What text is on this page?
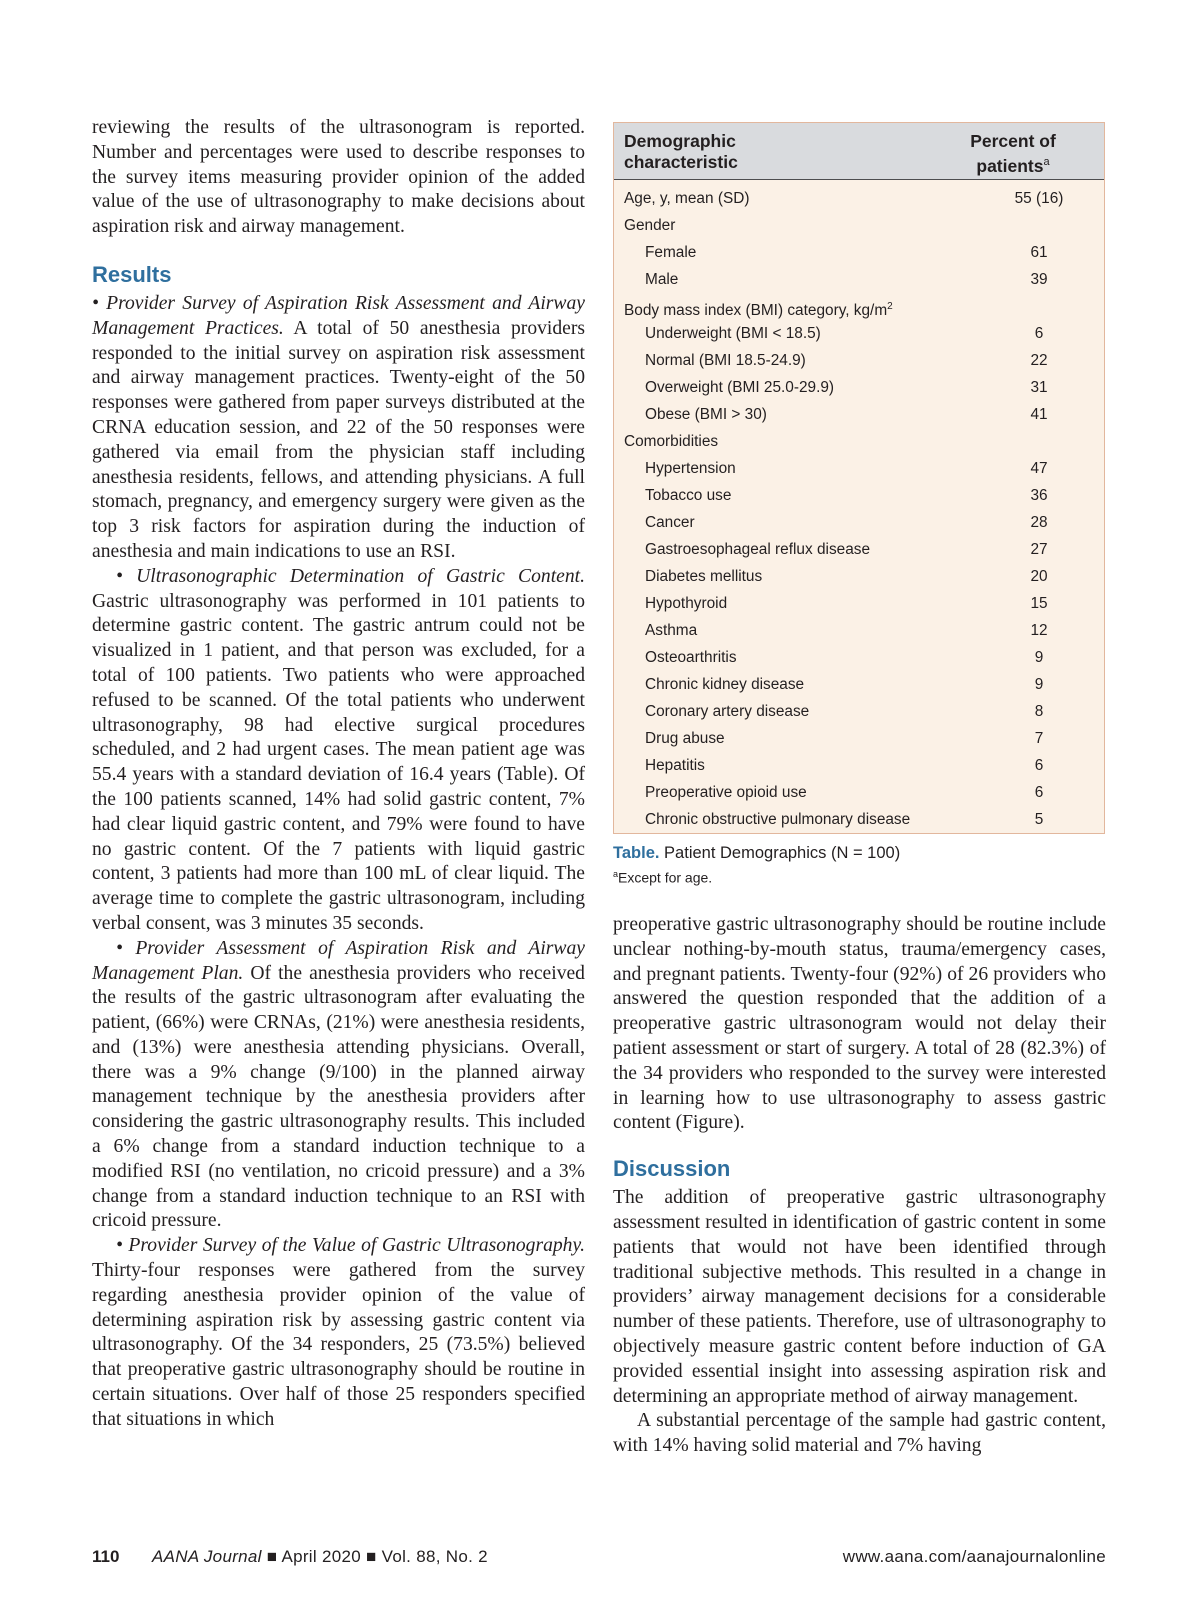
reviewing the results of the ultrasonogram is reported. Number and percentages were used to describe responses to the survey items measuring provider opinion of the added value of the use of ultrasonography to make decisions about aspiration risk and airway management.

Results

• Provider Survey of Aspiration Risk Assessment and Airway Management Practices. A total of 50 anesthesia providers responded to the initial survey on aspiration risk assessment and airway management practices. Twenty-eight of the 50 responses were gathered from paper surveys distributed at the CRNA education session, and 22 of the 50 responses were gathered via email from the physician staff including anesthesia residents, fellows, and attending physicians. A full stomach, pregnancy, and emergency surgery were given as the top 3 risk factors for aspiration during the induction of anesthesia and main indications to use an RSI.

• Ultrasonographic Determination of Gastric Content. Gastric ultrasonography was performed in 101 patients to determine gastric content. The gastric antrum could not be visualized in 1 patient, and that person was excluded, for a total of 100 patients. Two patients who were approached refused to be scanned. Of the total patients who underwent ultrasonography, 98 had elective surgical procedures scheduled, and 2 had urgent cases. The mean patient age was 55.4 years with a standard deviation of 16.4 years (Table). Of the 100 patients scanned, 14% had solid gastric content, 7% had clear liquid gastric content, and 79% were found to have no gastric content. Of the 7 patients with liquid gastric content, 3 patients had more than 100 mL of clear liquid. The average time to complete the gastric ultrasonogram, including verbal consent, was 3 minutes 35 seconds.

• Provider Assessment of Aspiration Risk and Airway Management Plan. Of the anesthesia providers who received the results of the gastric ultrasonogram after evaluating the patient, (66%) were CRNAs, (21%) were anesthesia residents, and (13%) were anesthesia attending physicians. Overall, there was a 9% change (9/100) in the planned airway management technique by the anesthesia providers after considering the gastric ultrasonography results. This included a 6% change from a standard induction technique to a modified RSI (no ventilation, no cricoid pressure) and a 3% change from a standard induction technique to an RSI with cricoid pressure.

• Provider Survey of the Value of Gastric Ultrasonography. Thirty-four responses were gathered from the survey regarding anesthesia provider opinion of the value of determining aspiration risk by assessing gastric content via ultrasonography. Of the 34 responders, 25 (73.5%) believed that preoperative gastric ultrasonography should be routine in certain situations. Over half of those 25 responders specified that situations in which

Demographic characteristic
Percent of patients$^a$
Age, y, mean (SD)	55 (16)
Gender
Female	61
Male	39
Body mass index (BMI) category, $kg/m^2$
Underweight (BMI < 18.5)	6
Normal (BMI 18.5-24.9)	22
Overweight (BMI 25.0-29.9)	31
Obese (BMI > 30)	41
Comorbidities
Hypertension	47
Tobacco use	36
Cancer	28
Gastroesophageal reflux disease	27
Diabetes mellitus	20
Hypothyroid	15
Asthma	12
Osteoarthritis	9
Chronic kidney disease	9
Coronary artery disease	8
Drug abuse	7
Hepatitis	6
Preoperative opioid use	6
Chronic obstructive pulmonary disease	5
Table. Patient Demographics (N = 100)
$^a$Except for age.

preoperative gastric ultrasonography should be routine include unclear nothing-by-mouth status, trauma/emergency cases, and pregnant patients. Twenty-four (92%) of 26 providers who answered the question responded that the addition of a preoperative gastric ultrasonogram would not delay their patient assessment or start of surgery. A total of 28 (82.3%) of the 34 providers who responded to the survey were interested in learning how to use ultrasonography to assess gastric content (Figure).

Discussion

The addition of preoperative gastric ultrasonography assessment resulted in identification of gastric content in some patients that would not have been identified through traditional subjective methods. This resulted in a change in providers’ airway management decisions for a considerable number of these patients. Therefore, use of ultrasonography to objectively measure gastric content before induction of GA provided essential insight into assessing aspiration risk and determining an appropriate method of airway management.

A substantial percentage of the sample had gastric content, with 14% having solid material and 7% having

110 AANA Journal ■ April 2020 ■ Vol. 88, No. 2	www.aana.com/aanajournalonline
